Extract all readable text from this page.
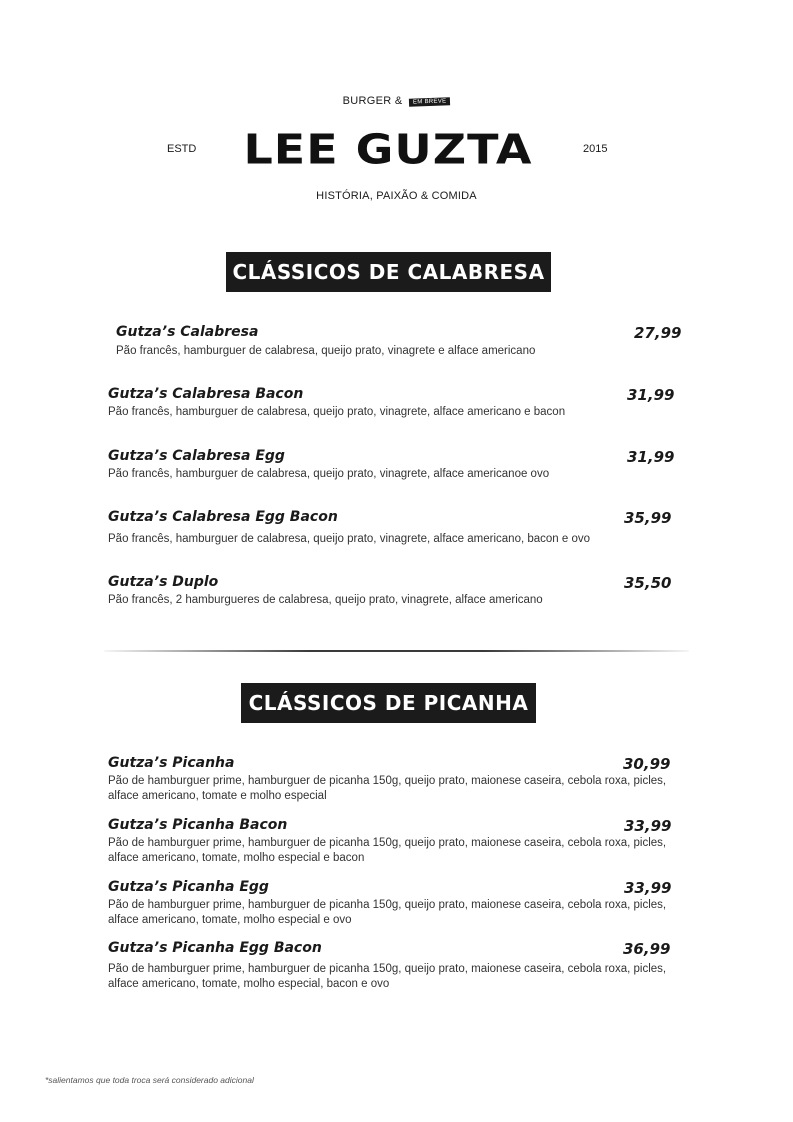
BURGER & EM BREVE
ESTD	LEE GUZTA	2015
HISTÓRIA, PAIXÃO & COMIDA
CLÁSSICOS DE CALABRESA
Gutza’s Calabresa	27,99
Pão francês, hamburguer de calabresa, queijo prato, vinagrete e alface americano
Gutza’s Calabresa Bacon	31,99
Pão francês, hamburguer de calabresa, queijo prato, vinagrete, alface americano e bacon
Gutza’s Calabresa Egg	31,99
Pão francês, hamburguer de calabresa, queijo prato, vinagrete, alface americanoe ovo
Gutza’s Calabresa Egg Bacon	35,99
Pão francês, hamburguer de calabresa, queijo prato, vinagrete, alface americano, bacon e ovo
Gutza’s Duplo	35,50
Pão francês, 2 hamburgueres de calabresa, queijo prato, vinagrete, alface americano
CLÁSSICOS DE PICANHA
Gutza’s Picanha	30,99
Pão de hamburguer prime, hamburguer de picanha 150g, queijo prato, maionese caseira, cebola roxa, picles, alface americano, tomate e molho especial
Gutza’s Picanha Bacon	33,99
Pão de hamburguer prime, hamburguer de picanha 150g, queijo prato, maionese caseira, cebola roxa, picles, alface americano, tomate, molho especial e bacon
Gutza’s Picanha Egg	33,99
Pão de hamburguer prime, hamburguer de picanha 150g, queijo prato, maionese caseira, cebola roxa, picles, alface americano, tomate, molho especial e ovo
Gutza’s Picanha Egg Bacon	36,99
Pão de hamburguer prime, hamburguer de picanha 150g, queijo prato, maionese caseira, cebola roxa, picles, alface americano, tomate, molho especial, bacon e ovo
*salientamos que toda troca será considerado adicional
